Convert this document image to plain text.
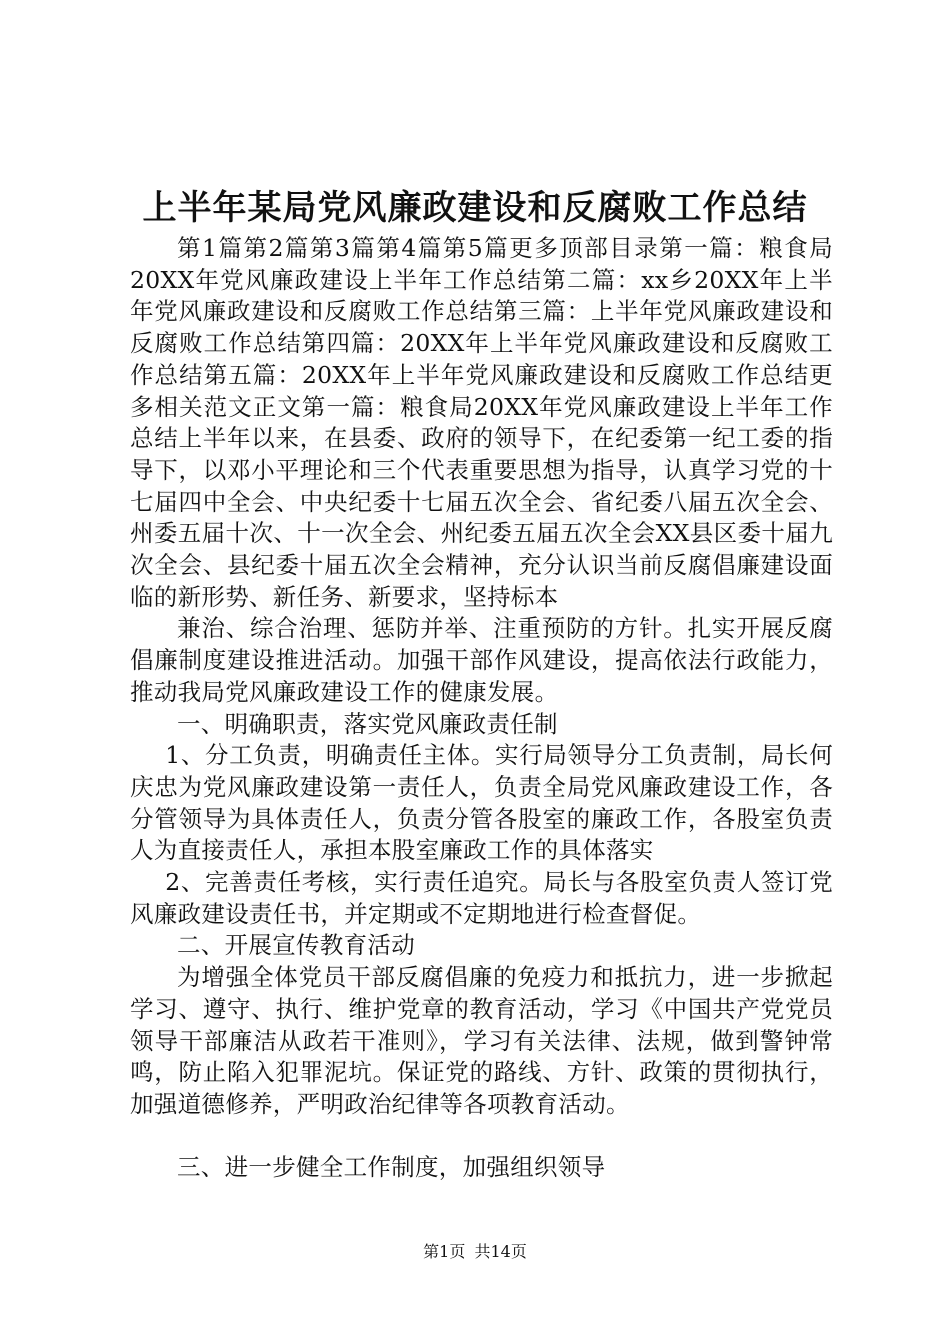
上半年某局党风廉政建设和反腐败工作总结

第1篇第2篇第3篇第4篇第5篇更多顶部目录第一篇：粮食局20XX年党风廉政建设上半年工作总结第二篇：xx乡20XX年上半年党风廉政建设和反腐败工作总结第三篇：上半年党风廉政建设和反腐败工作总结第四篇：20XX年上半年党风廉政建设和反腐败工作总结第五篇：20XX年上半年党风廉政建设和反腐败工作总结更多相关范文正文第一篇：粮食局20XX年党风廉政建设上半年工作总结上半年以来，在县委、政府的领导下，在纪委第一纪工委的指导下，以邓小平理论和三个代表重要思想为指导，认真学习党的十七届四中全会、中央纪委十七届五次全会、省纪委八届五次全会、州委五届十次、十一次全会、州纪委五届五次全会XX县区委十届九次全会、县纪委十届五次全会精神，充分认识当前反腐倡廉建设面临的新形势、新任务、新要求，坚持标本

兼治、综合治理、惩防并举、注重预防的方针。扎实开展反腐倡廉制度建设推进活动。加强干部作风建设，提高依法行政能力，推动我局党风廉政建设工作的健康发展。

一、明确职责，落实党风廉政责任制

1、分工负责，明确责任主体。实行局领导分工负责制，局长何庆忠为党风廉政建设第一责任人，负责全局党风廉政建设工作，各分管领导为具体责任人，负责分管各股室的廉政工作，各股室负责人为直接责任人，承担本股室廉政工作的具体落实

2、完善责任考核，实行责任追究。局长与各股室负责人签订党风廉政建设责任书，并定期或不定期地进行检查督促。

二、开展宣传教育活动

为增强全体党员干部反腐倡廉的免疫力和抵抗力，进一步掀起学习、遵守、执行、维护党章的教育活动，学习《中国共产党党员领导干部廉洁从政若干准则》，学习有关法律、法规，做到警钟常鸣，防止陷入犯罪泥坑。保证党的路线、方针、政策的贯彻执行，加强道德修养，严明政治纪律等各项教育活动。

三、进一步健全工作制度，加强组织领导

第1页 共14页
